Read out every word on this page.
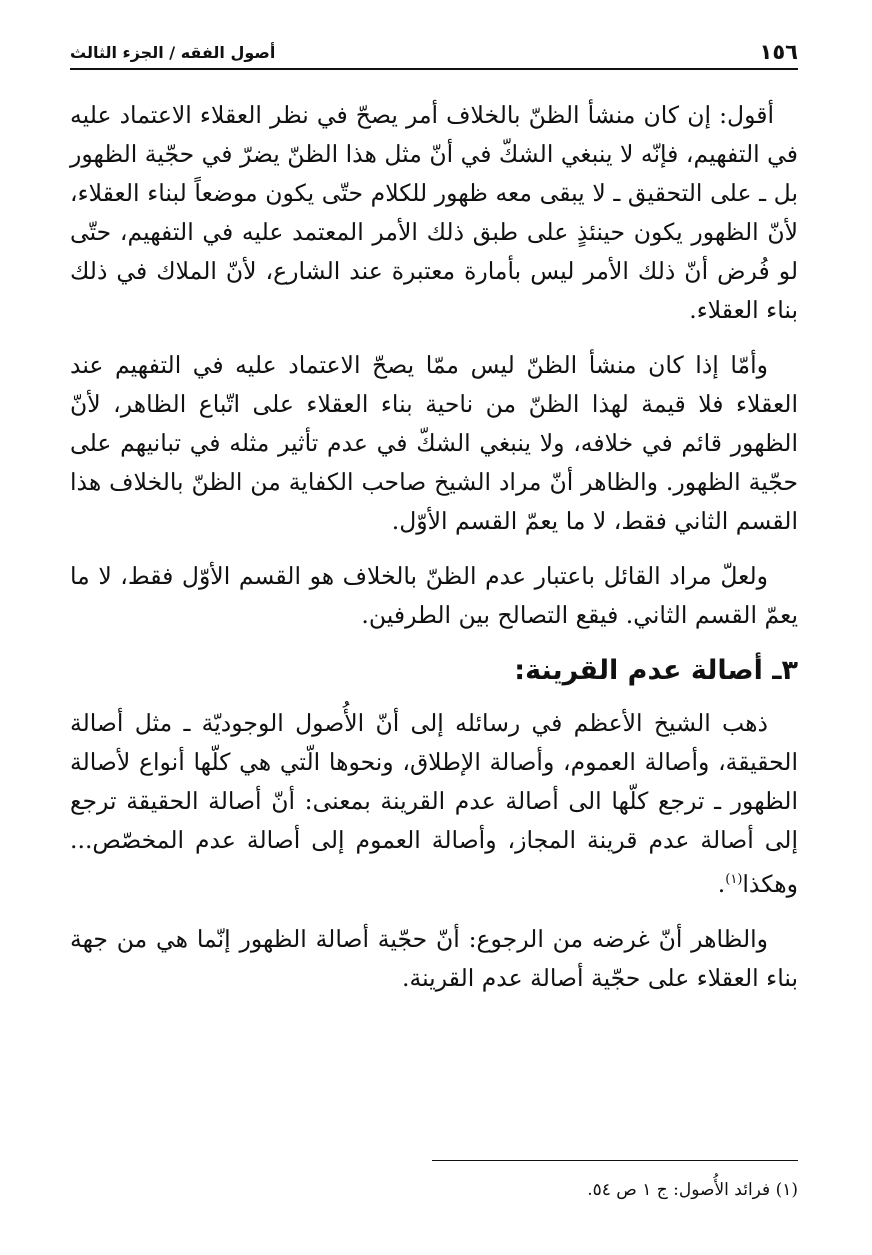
١٥٦
أصول الفقه / الجزء الثالث

أقول: إن كان منشأ الظنّ بالخلاف أمر يصحّ في نظر العقلاء الاعتماد عليه في التفهيم، فإنّه لا ينبغي الشكّ في أنّ مثل هذا الظنّ يضرّ في حجّية الظهور بل ـ على التحقيق ـ لا يبقى معه ظهور للكلام حتّى يكون موضعاً لبناء العقلاء، لأنّ الظهور يكون حينئذٍ على طبق ذلك الأمر المعتمد عليه في التفهيم، حتّى لو فُرض أنّ ذلك الأمر ليس بأمارة معتبرة عند الشارع، لأنّ الملاك في ذلك بناء العقلاء.

وأمّا إذا كان منشأ الظنّ ليس ممّا يصحّ الاعتماد عليه في التفهيم عند العقلاء فلا قيمة لهذا الظنّ من ناحية بناء العقلاء على اتّباع الظاهر، لأنّ الظهور قائم في خلافه، ولا ينبغي الشكّ في عدم تأثير مثله في تبانيهم على حجّية الظهور. والظاهر أنّ مراد الشيخ صاحب الكفاية من الظنّ بالخلاف هذا القسم الثاني فقط، لا ما يعمّ القسم الأوّل.

ولعلّ مراد القائل باعتبار عدم الظنّ بالخلاف هو القسم الأوّل فقط، لا ما يعمّ القسم الثاني. فيقع التصالح بين الطرفين.

٣ـ أصالة عدم القرينة:

ذهب الشيخ الأعظم في رسائله إلى أنّ الأُصول الوجوديّة ـ مثل أصالة الحقيقة، وأصالة العموم، وأصالة الإطلاق، ونحوها الّتي هي كلّها أنواع لأصالة الظهور ـ ترجع كلّها الى أصالة عدم القرينة بمعنى: أنّ أصالة الحقيقة ترجع إلى أصالة عدم قرينة المجاز، وأصالة العموم إلى أصالة عدم المخصّص... وهكذا$^{(١)}$.

والظاهر أنّ غرضه من الرجوع: أنّ حجّية أصالة الظهور إنّما هي من جهة بناء العقلاء على حجّية أصالة عدم القرينة.

(١) فرائد الأُصول: ج ١ ص ٥٤.
